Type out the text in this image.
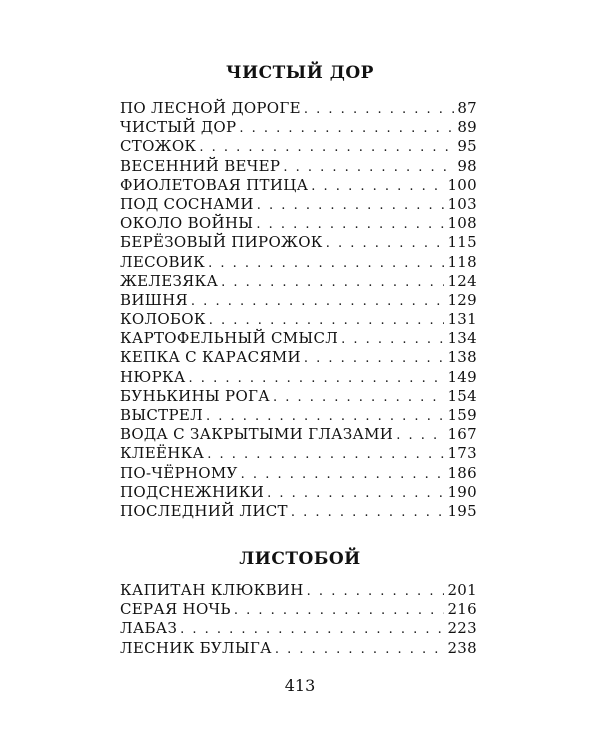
ЧИСТЫЙ ДОР
ПО ЛЕСНОЙ ДОРОГЕ . . .	87
ЧИСТЫЙ ДОР . . .	89
СТОЖОК . . .	95
ВЕСЕННИЙ ВЕЧЕР . . .	98
ФИОЛЕТОВАЯ ПТИЦА . . .	100
ПОД СОСНАМИ . . .	103
ОКОЛО ВОЙНЫ . . .	108
БЕРЁЗОВЫЙ ПИРОЖОК . . .	115
ЛЕСОВИК . . .	118
ЖЕЛЕЗЯКА . . .	124
ВИШНЯ . . .	129
КОЛОБОК . . .	131
КАРТОФЕЛЬНЫЙ СМЫСЛ . . .	134
КЕПКА С КАРАСЯМИ . . .	138
НЮРКА . . .	149
БУНЬКИНЫ РОГА . . .	154
ВЫСТРЕЛ . . .	159
ВОДА С ЗАКРЫТЫМИ ГЛАЗАМИ . . .	167
КЛЕЁНКА . . .	173
ПО-ЧЁРНОМУ . . .	186
ПОДСНЕЖНИКИ . . .	190
ПОСЛЕДНИЙ ЛИСТ . . .	195
ЛИСТОБОЙ
КАПИТАН КЛЮКВИН . . .	201
СЕРАЯ НОЧЬ . . .	216
ЛАБАЗ . . .	223
ЛЕСНИК БУЛЫГА . . .	238
413
